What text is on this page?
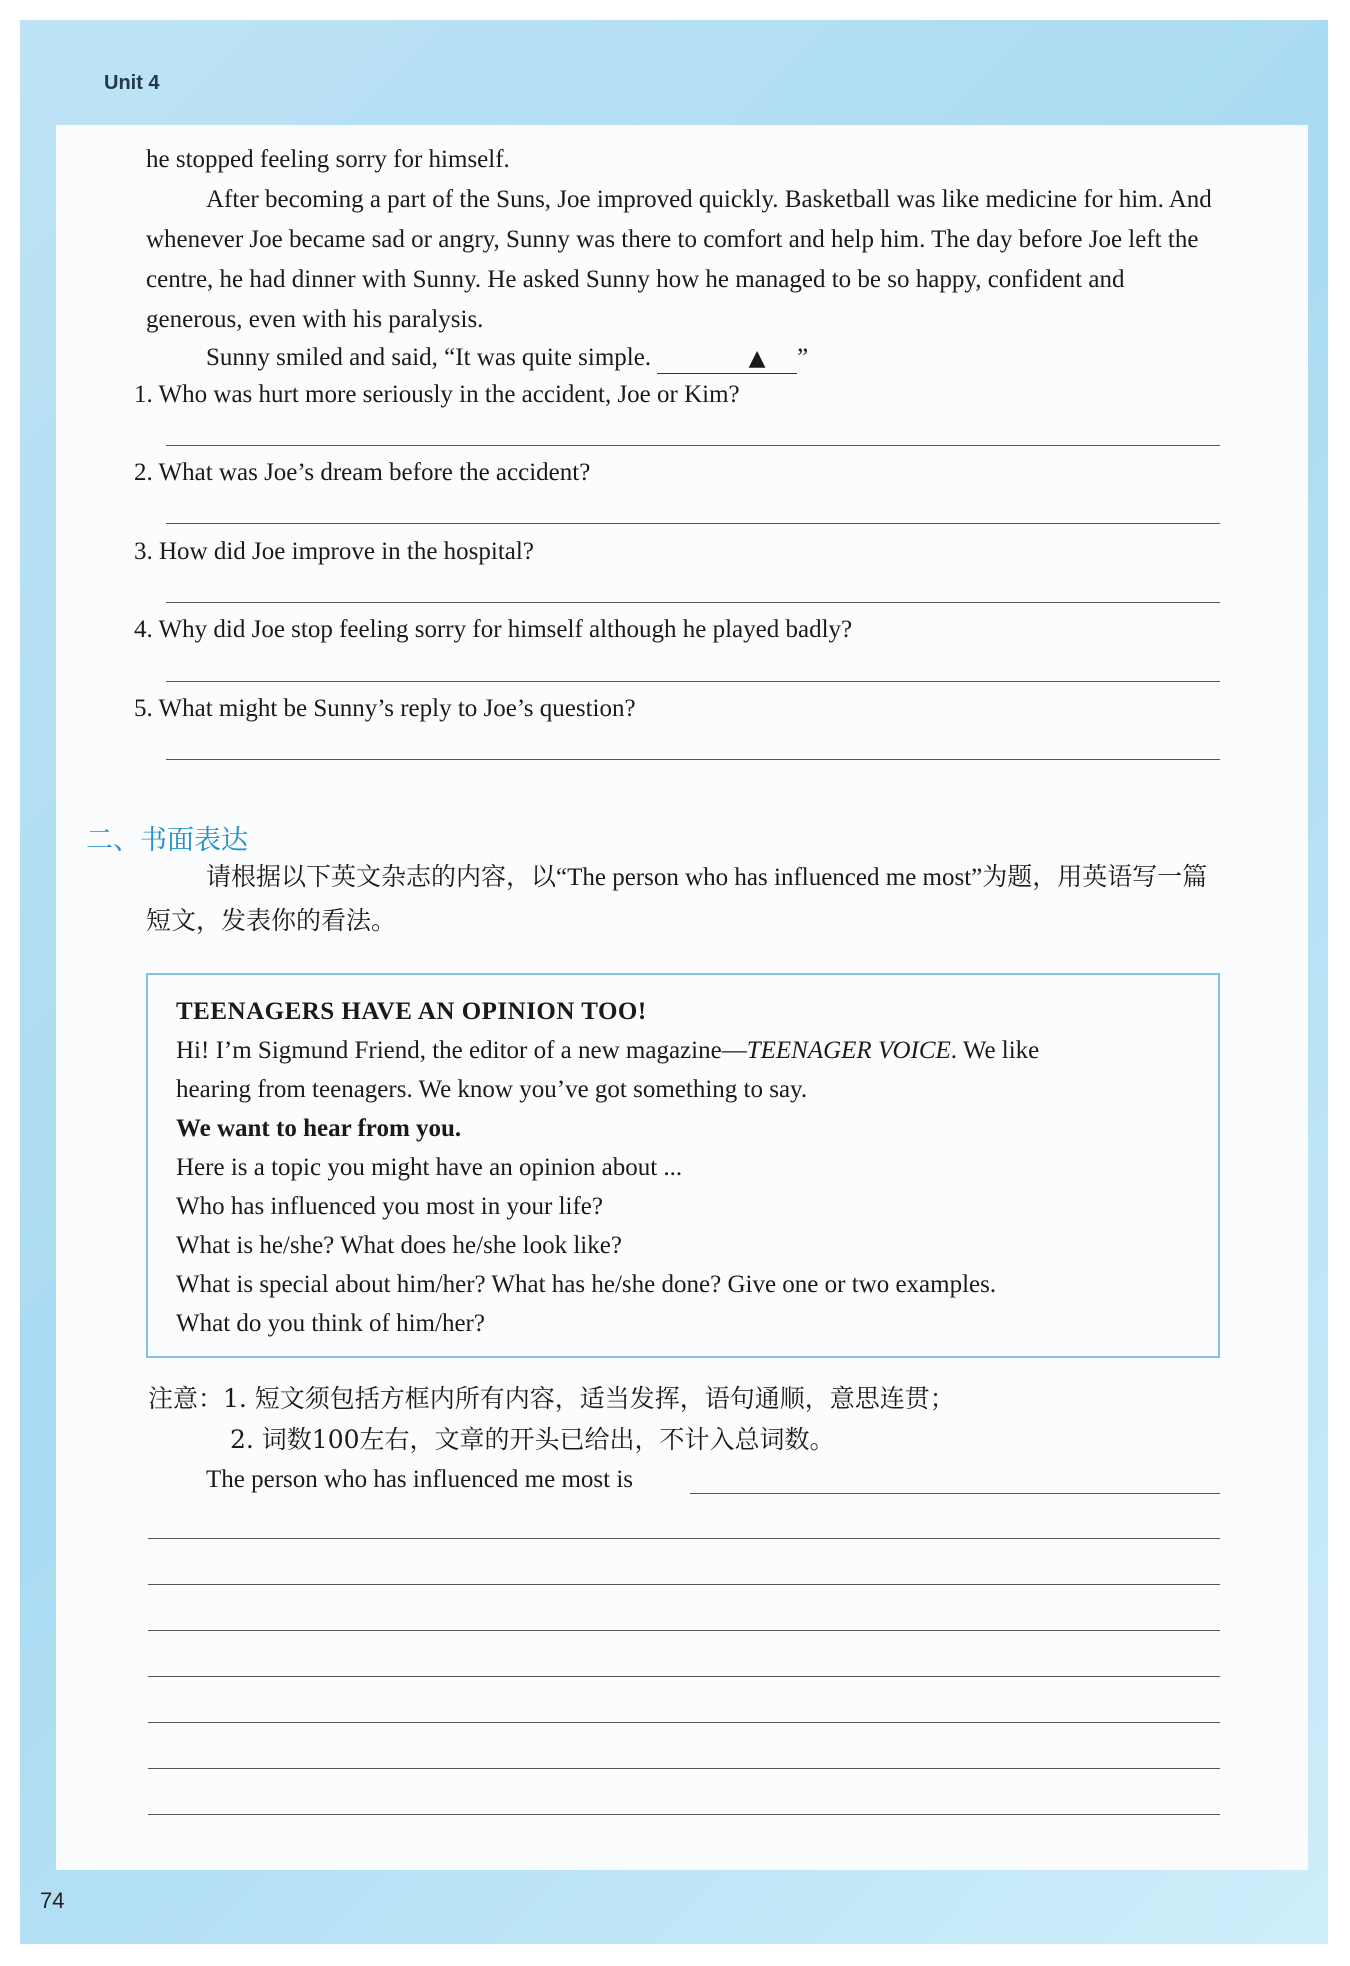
Unit 4

he stopped feeling sorry for himself.

After becoming a part of the Suns, Joe improved quickly. Basketball was like medicine for him. And whenever Joe became sad or angry, Sunny was there to comfort and help him. The day before Joe left the centre, he had dinner with Sunny. He asked Sunny how he managed to be so happy, confident and generous, even with his paralysis.

Sunny smiled and said, “It was quite simple.	▲ ”

1. Who was hurt more seriously in the accident, Joe or Kim?
2. What was Joe’s dream before the accident?
3. How did Joe improve in the hospital?
4. Why did Joe stop feeling sorry for himself although he played badly?
5. What might be Sunny’s reply to Joe’s question?
二、书面表达

请根据以下英文杂志的内容，以“The person who has influenced me most”为题，用英语写一篇短文，发表你的看法。

TEENAGERS HAVE AN OPINION TOO!
Hi! I’m Sigmund Friend, the editor of a new magazine—TEENAGER VOICE. We like
hearing from teenagers. We know you’ve got something to say.
We want to hear from you.
Here is a topic you might have an opinion about ...
Who has influenced you most in your life?
What is he/she? What does he/she look like?
What is special about him/her? What has he/she done? Give one or two examples.
What do you think of him/her?
注意：1. 短文须包括方框内所有内容，适当发挥，语句通顺，意思连贯；
2. 词数100左右，文章的开头已给出，不计入总词数。
The person who has influenced me most is
74
